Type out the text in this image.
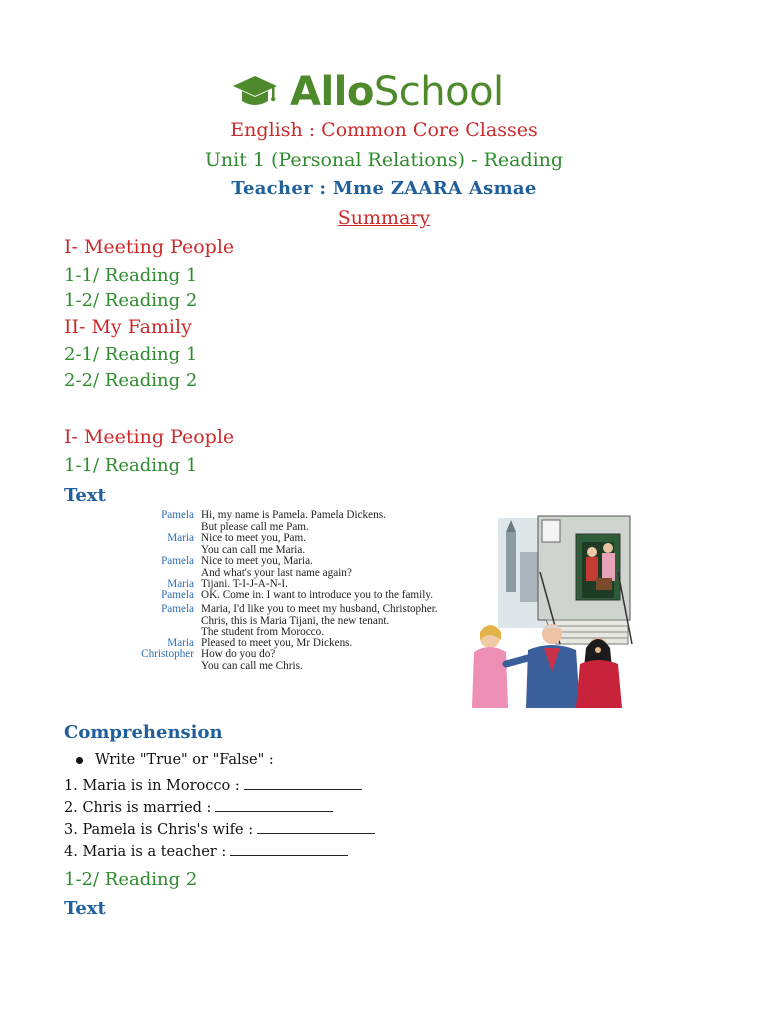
AlloSchool
English : Common Core Classes
Unit 1 (Personal Relations) - Reading
Teacher : Mme ZAARA Asmae
Summary
I- Meeting People
1-1/ Reading 1
1-2/ Reading 2
II- My Family
2-1/ Reading 1
2-2/ Reading 2
I- Meeting People
1-1/ Reading 1
Text
Pamela Hi, my name is Pamela. Pamela Dickens.
But please call me Pam.
Maria Nice to meet you, Pam.
You can call me Maria.
Pamela Nice to meet you, Maria.
And what's your last name again?
Maria Tijani. T-I-J-A-N-I.
Pamela OK. Come in. I want to introduce you to the family.
Pamela Maria, I'd like you to meet my husband, Christopher.
Chris, this is Maria Tijani, the new tenant.
The student from Morocco.
Maria Pleased to meet you, Mr Dickens.
Christopher How do you do?
You can call me Chris.
Comprehension
Write "True" or "False" :
1. Maria is in Morocco :
2. Chris is married :
3. Pamela is Chris's wife :
4. Maria is a teacher :
1-2/ Reading 2
Text
